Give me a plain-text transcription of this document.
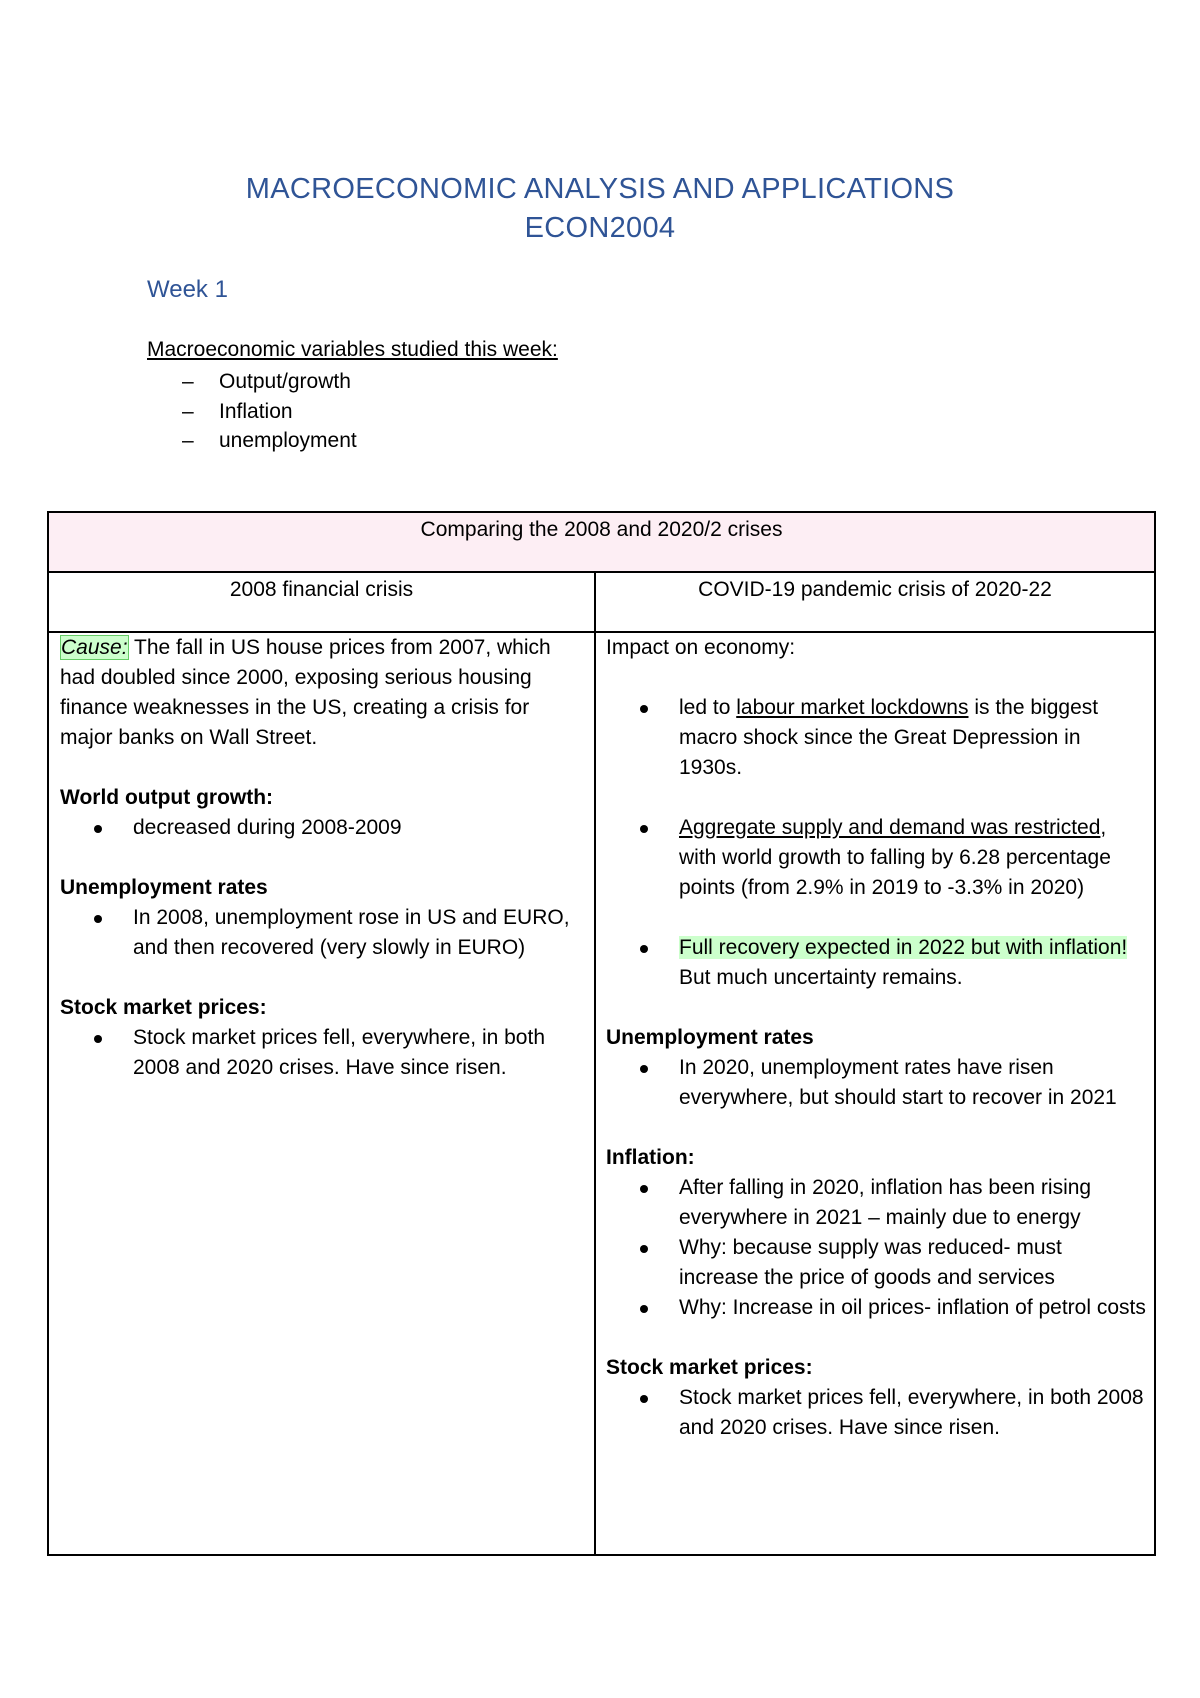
MACROECONOMIC ANALYSIS AND APPLICATIONS
ECON2004
Week 1
Macroeconomic variables studied this week:
– Output/growth
– Inflation
– unemployment
Comparing the 2008 and 2020/2 crises
2008 financial crisis	COVID-19 pandemic crisis of 2020-22

Cause: The fall in US house prices from 2007, which had doubled since 2000, exposing serious housing finance weaknesses in the US, creating a crisis for major banks on Wall Street.

World output growth:

decreased during 2008-2009

Unemployment rates

In 2008, unemployment rose in US and EURO, and then recovered (very slowly in EURO)

Stock market prices:

Stock market prices fell, everywhere, in both 2008 and 2020 crises. Have since risen.

Impact on economy:

led to labour market lockdowns is the biggest macro shock since the Great Depression in 1930s.
Aggregate supply and demand was restricted, with world growth to falling by 6.28 percentage points (from 2.9% in 2019 to -3.3% in 2020)
Full recovery expected in 2022 but with inflation! But much uncertainty remains.

Unemployment rates

In 2020, unemployment rates have risen everywhere, but should start to recover in 2021

Inflation:

After falling in 2020, inflation has been rising everywhere in 2021 – mainly due to energy
Why: because supply was reduced- must increase the price of goods and services
Why: Increase in oil prices- inflation of petrol costs

Stock market prices:

Stock market prices fell, everywhere, in both 2008 and 2020 crises. Have since risen.
